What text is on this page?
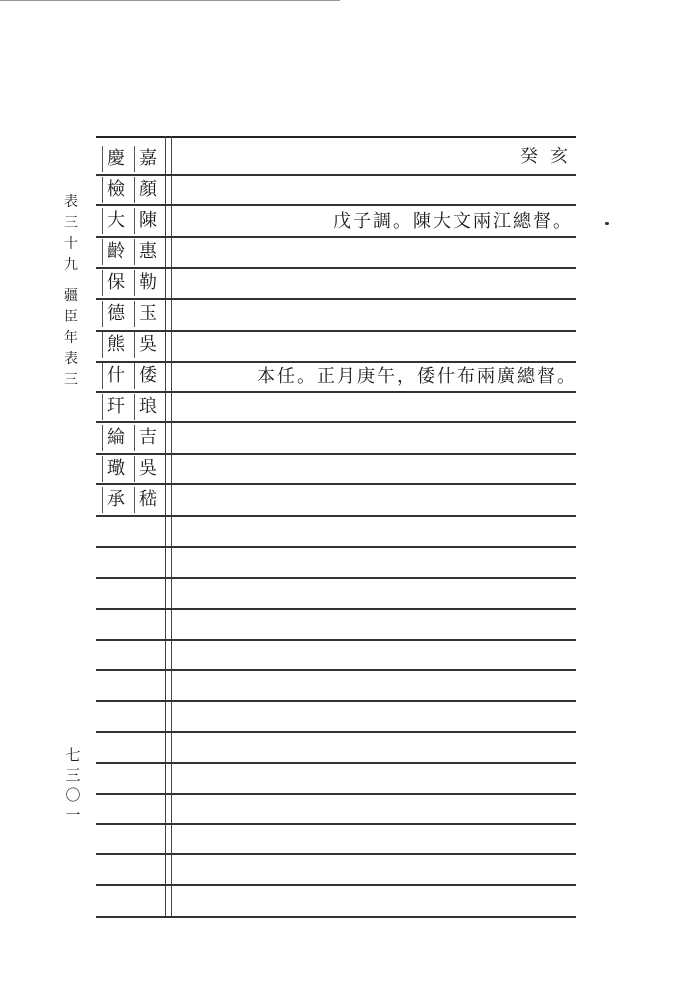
表
三
十
九
疆
臣
年
表
三
七
三
〇
一
嘉
慶
顏
檢
陳
大
惠
齡
勒
保
玉
德
吳
熊
倭
什
琅
玕
吉
綸
吳
璥
嵇
承
癸亥
戊子調。陳大文兩江總督。
本任。正月庚午，倭什布兩廣總督。
